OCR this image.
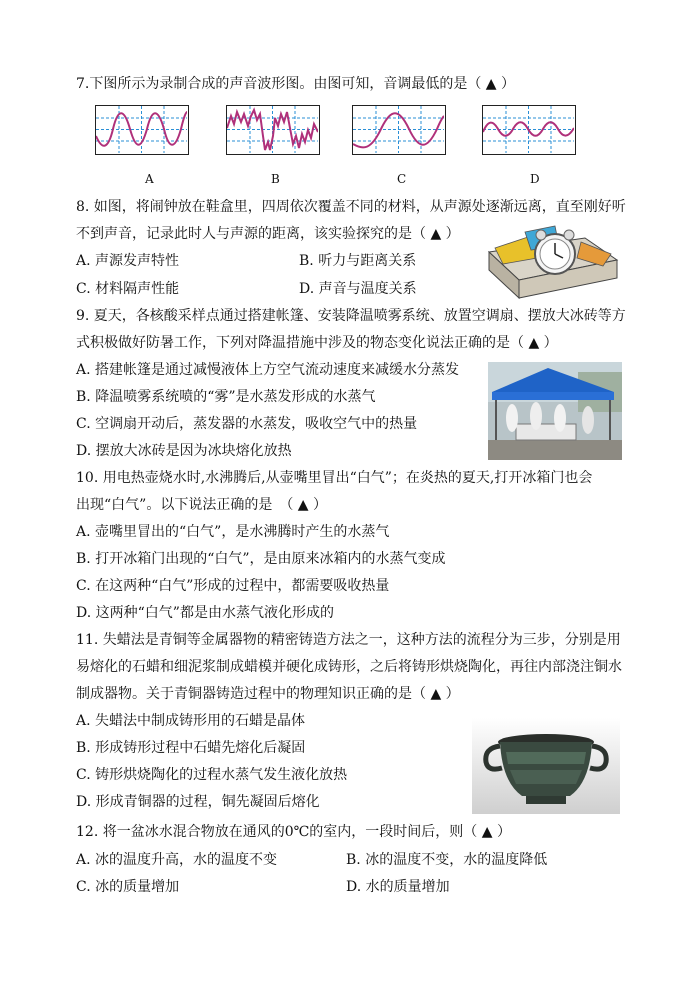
7.下图所示为录制合成的声音波形图。由图可知，音调最低的是（ ▲ ）
A	B	C	D
8. 如图，将闹钟放在鞋盒里，四周依次覆盖不同的材料，从声源处逐渐远离，直至刚好听
不到声音，记录此时人与声源的距离，该实验探究的是（ ▲ ）
A. 声源发声特性	B. 听力与距离关系
C. 材料隔声性能	D. 声音与温度关系
9. 夏天，各核酸采样点通过搭建帐篷、安装降温喷雾系统、放置空调扇、摆放大冰砖等方
式积极做好防暑工作，下列对降温措施中涉及的物态变化说法正确的是（ ▲ ）
A. 搭建帐篷是通过减慢液体上方空气流动速度来减缓水分蒸发
B. 降温喷雾系统喷的“雾”是水蒸发形成的水蒸气
C. 空调扇开动后，蒸发器的水蒸发，吸收空气中的热量
D. 摆放大冰砖是因为冰块熔化放热
10. 用电热壶烧水时,水沸腾后,从壶嘴里冒出“白气”；在炎热的夏天,打开冰箱门也会
出现“白气”。以下说法正确的是　（ ▲ ）
A. 壶嘴里冒出的“白气”，是水沸腾时产生的水蒸气
B. 打开冰箱门出现的“白气”，是由原来冰箱内的水蒸气变成
C. 在这两种“白气”形成的过程中，都需要吸收热量
D. 这两种“白气”都是由水蒸气液化形成的
11. 失蜡法是青铜等金属器物的精密铸造方法之一，这种方法的流程分为三步，分别是用
易熔化的石蜡和细泥浆制成蜡模并硬化成铸形，之后将铸形烘烧陶化，再往内部浇注铜水
制成器物。关于青铜器铸造过程中的物理知识正确的是（ ▲ ）
A. 失蜡法中制成铸形用的石蜡是晶体
B. 形成铸形过程中石蜡先熔化后凝固
C. 铸形烘烧陶化的过程水蒸气发生液化放热
D. 形成青铜器的过程，铜先凝固后熔化
12. 将一盆冰水混合物放在通风的0℃的室内，一段时间后，则（ ▲ ）
A. 冰的温度升高，水的温度不变	B. 冰的温度不变，水的温度降低
C. 冰的质量增加	D. 水的质量增加
